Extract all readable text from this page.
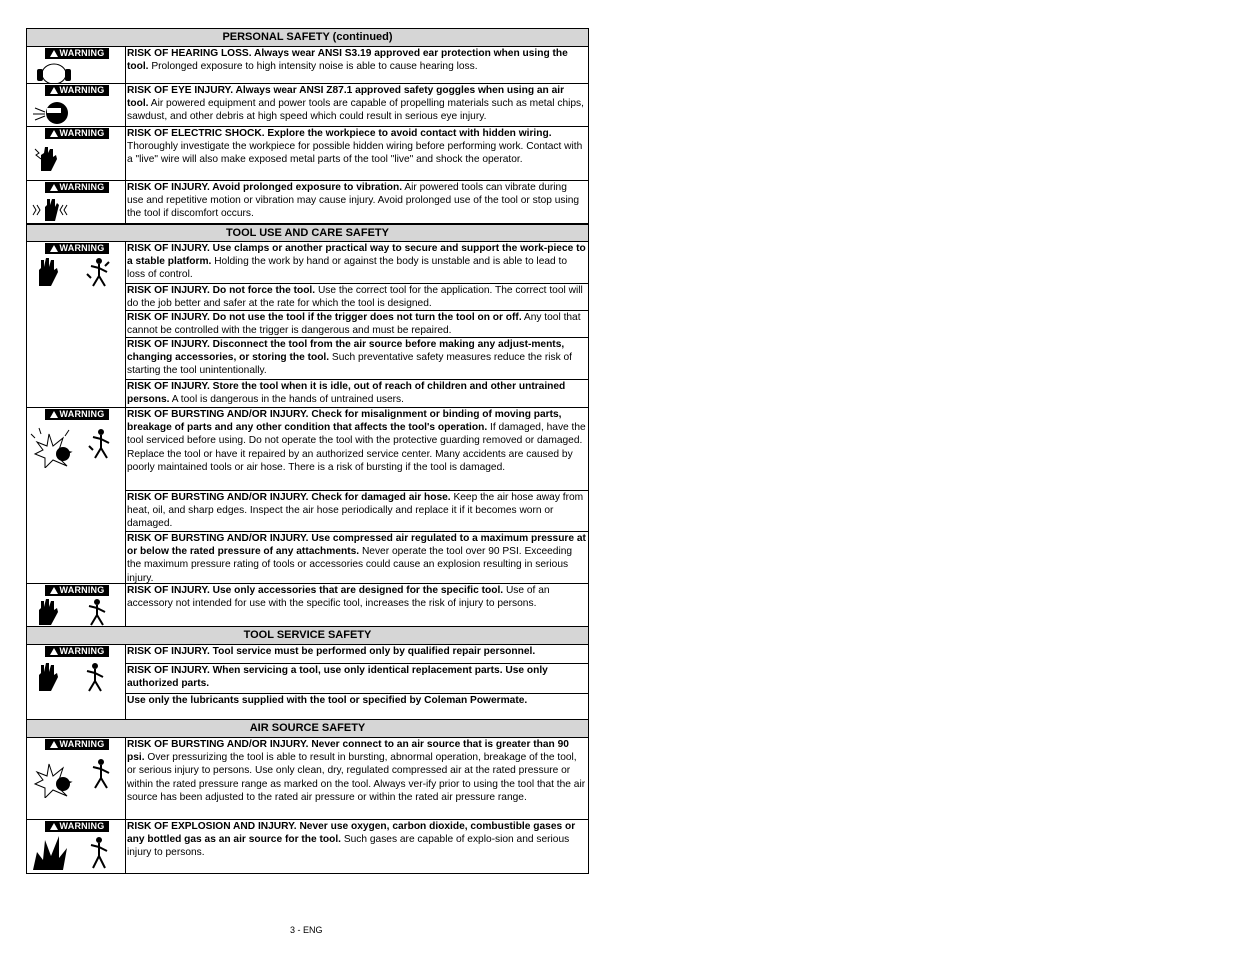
PERSONAL SAFETY (continued)
WARNING RISK OF HEARING LOSS. Always wear ANSI S3.19 approved ear protection when using the tool. Prolonged exposure to high intensity noise is able to cause hearing loss.
WARNING RISK OF EYE INJURY. Always wear ANSI Z87.1 approved safety goggles when using an air tool. Air powered equipment and power tools are capable of propelling materials such as metal chips, sawdust, and other debris at high speed which could result in serious eye injury.
WARNING RISK OF ELECTRIC SHOCK. Explore the workpiece to avoid contact with hidden wiring. Thoroughly investigate the workpiece for possible hidden wiring before performing work. Contact with a "live" wire will also make exposed metal parts of the tool "live" and shock the operator.
WARNING RISK OF INJURY. Avoid prolonged exposure to vibration. Air powered tools can vibrate during use and repetitive motion or vibration may cause injury. Avoid prolonged use of the tool or stop using the tool if discomfort occurs.
TOOL USE AND CARE SAFETY
WARNING RISK OF INJURY. Use clamps or another practical way to secure and support the work-piece to a stable platform. Holding the work by hand or against the body is unstable and is able to lead to loss of control.
RISK OF INJURY. Do not force the tool. Use the correct tool for the application. The correct tool will do the job better and safer at the rate for which the tool is designed.
RISK OF INJURY. Do not use the tool if the trigger does not turn the tool on or off. Any tool that cannot be controlled with the trigger is dangerous and must be repaired.
RISK OF INJURY. Disconnect the tool from the air source before making any adjust-ments, changing accessories, or storing the tool. Such preventative safety measures reduce the risk of starting the tool unintentionally.
RISK OF INJURY. Store the tool when it is idle, out of reach of children and other untrained persons. A tool is dangerous in the hands of untrained users.
WARNING RISK OF BURSTING AND/OR INJURY. Check for misalignment or binding of moving parts, breakage of parts and any other condition that affects the tool's operation. If damaged, have the tool serviced before using. Do not operate the tool with the protective guarding removed or damaged. Replace the tool or have it repaired by an authorized service center. Many accidents are caused by poorly maintained tools or air hose. There is a risk of bursting if the tool is damaged.
RISK OF BURSTING AND/OR INJURY. Check for damaged air hose. Keep the air hose away from heat, oil, and sharp edges. Inspect the air hose periodically and replace it if it becomes worn or damaged.
RISK OF BURSTING AND/OR INJURY. Use compressed air regulated to a maximum pressure at or below the rated pressure of any attachments. Never operate the tool over 90 PSI. Exceeding the maximum pressure rating of tools or accessories could cause an explosion resulting in serious injury.
WARNING RISK OF INJURY. Use only accessories that are designed for the specific tool. Use of an accessory not intended for use with the specific tool, increases the risk of injury to persons.
TOOL SERVICE SAFETY
WARNING RISK OF INJURY. Tool service must be performed only by qualified repair personnel.
RISK OF INJURY. When servicing a tool, use only identical replacement parts. Use only authorized parts.
Use only the lubricants supplied with the tool or specified by Coleman Powermate.
AIR SOURCE SAFETY
WARNING RISK OF BURSTING AND/OR INJURY. Never connect to an air source that is greater than 90 psi. Over pressurizing the tool is able to result in bursting, abnormal operation, breakage of the tool, or serious injury to persons. Use only clean, dry, regulated compressed air at the rated pressure or within the rated pressure range as marked on the tool. Always ver-ify prior to using the tool that the air source has been adjusted to the rated air pressure or within the rated air pressure range.
WARNING RISK OF EXPLOSION AND INJURY. Never use oxygen, carbon dioxide, combustible gases or any bottled gas as an air source for the tool. Such gases are capable of explo-sion and serious injury to persons.
3 - ENG
